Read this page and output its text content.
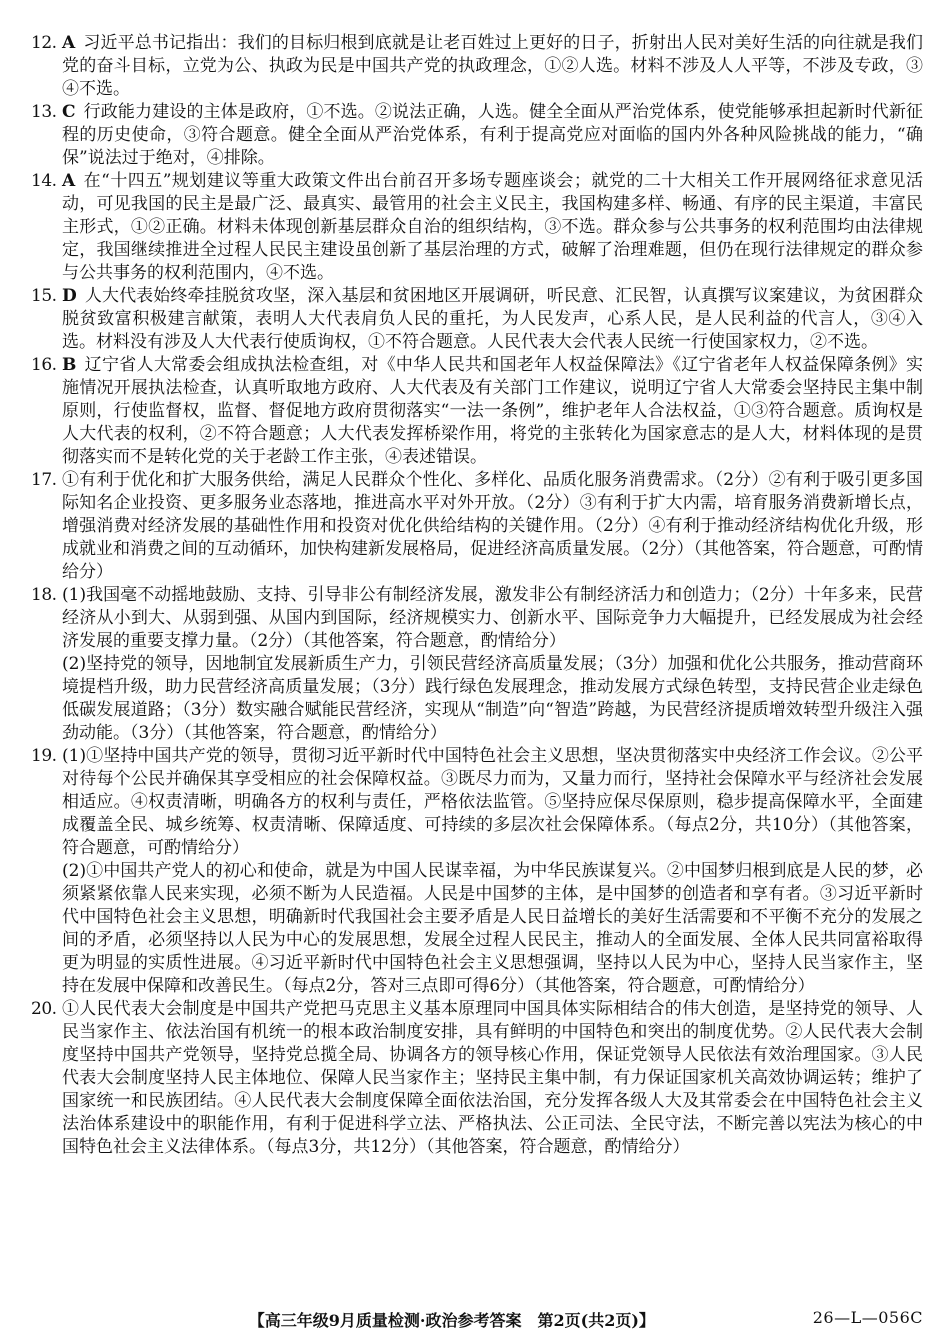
12. A 习近平总书记指出：我们的目标归根到底就是让老百姓过上更好的日子，折射出人民对美好生活的向往就是我们党的奋斗目标，立党为公、执政为民是中国共产党的执政理念，①②人选。材料不涉及人人平等，不涉及专政，③④不选。

13. C 行政能力建设的主体是政府，①不选。②说法正确，人选。健全全面从严治党体系，使党能够承担起新时代新征程的历史使命，③符合题意。健全全面从严治党体系，有利于提高党应对面临的国内外各种风险挑战的能力，“确保”说法过于绝对，④排除。

14. A 在“十四五”规划建议等重大政策文件出台前召开多场专题座谈会；就党的二十大相关工作开展网络征求意见活动，可见我国的民主是最广泛、最真实、最管用的社会主义民主，我国构建多样、畅通、有序的民主渠道，丰富民主形式，①②正确。材料未体现创新基层群众自治的组织结构，③不选。群众参与公共事务的权利范围均由法律规定，我国继续推进全过程人民民主建设虽创新了基层治理的方式，破解了治理难题，但仍在现行法律规定的群众参与公共事务的权利范围内，④不选。

15. D 人大代表始终牵挂脱贫攻坚，深入基层和贫困地区开展调研，听民意、汇民智，认真撰写议案建议，为贫困群众脱贫致富积极建言献策，表明人大代表肩负人民的重托，为人民发声，心系人民，是人民利益的代言人，③④入选。材料没有涉及人大代表行使质询权，①不符合题意。人民代表大会代表人民统一行使国家权力，②不选。

16. B 辽宁省人大常委会组成执法检查组，对《中华人民共和国老年人权益保障法》《辽宁省老年人权益保障条例》实施情况开展执法检查，认真听取地方政府、人大代表及有关部门工作建议，说明辽宁省人大常委会坚持民主集中制原则，行使监督权，监督、督促地方政府贯彻落实“一法一条例”，维护老年人合法权益，①③符合题意。质询权是人大代表的权利，②不符合题意；人大代表发挥桥梁作用，将党的主张转化为国家意志的是人大，材料体现的是贯彻落实而不是转化党的关于老龄工作主张，④表述错误。

17. ①有利于优化和扩大服务供给，满足人民群众个性化、多样化、品质化服务消费需求。（2分）②有利于吸引更多国际知名企业投资、更多服务业态落地，推进高水平对外开放。（2分）③有利于扩大内需，培育服务消费新增长点，增强消费对经济发展的基础性作用和投资对优化供给结构的关键作用。（2分）④有利于推动经济结构优化升级，形成就业和消费之间的互动循环，加快构建新发展格局，促进经济高质量发展。（2分）（其他答案，符合题意，可酌情给分）

18. (1)我国毫不动摇地鼓励、支持、引导非公有制经济发展，激发非公有制经济活力和创造力；（2分）十年多来，民营经济从小到大、从弱到强、从国内到国际，经济规模实力、创新水平、国际竞争力大幅提升，已经发展成为社会经济发展的重要支撑力量。（2分）（其他答案，符合题意，酌情给分）

(2)坚持党的领导，因地制宜发展新质生产力，引领民营经济高质量发展；（3分）加强和优化公共服务，推动营商环境提档升级，助力民营经济高质量发展；（3分）践行绿色发展理念，推动发展方式绿色转型，支持民营企业走绿色低碳发展道路；（3分）数实融合赋能民营经济，实现从“制造”向“智造”跨越，为民营经济提质增效转型升级注入强劲动能。（3分）（其他答案，符合题意，酌情给分）

19. (1)①坚持中国共产党的领导，贯彻习近平新时代中国特色社会主义思想，坚决贯彻落实中央经济工作会议。②公平对待每个公民并确保其享受相应的社会保障权益。③既尽力而为，又量力而行，坚持社会保障水平与经济社会发展相适应。④权责清晰，明确各方的权利与责任，严格依法监管。⑤坚持应保尽保原则，稳步提高保障水平，全面建成覆盖全民、城乡统筹、权责清晰、保障适度、可持续的多层次社会保障体系。（每点2分，共10分）（其他答案，符合题意，可酌情给分）

(2)①中国共产党人的初心和使命，就是为中国人民谋幸福，为中华民族谋复兴。②中国梦归根到底是人民的梦，必须紧紧依靠人民来实现，必须不断为人民造福。人民是中国梦的主体，是中国梦的创造者和享有者。③习近平新时代中国特色社会主义思想，明确新时代我国社会主要矛盾是人民日益增长的美好生活需要和不平衡不充分的发展之间的矛盾，必须坚持以人民为中心的发展思想，发展全过程人民民主，推动人的全面发展、全体人民共同富裕取得更为明显的实质性进展。④习近平新时代中国特色社会主义思想强调，坚持以人民为中心，坚持人民当家作主，坚持在发展中保障和改善民生。（每点2分，答对三点即可得6分）（其他答案，符合题意，可酌情给分）

20. ①人民代表大会制度是中国共产党把马克思主义基本原理同中国具体实际相结合的伟大创造，是坚持党的领导、人民当家作主、依法治国有机统一的根本政治制度安排，具有鲜明的中国特色和突出的制度优势。②人民代表大会制度坚持中国共产党领导，坚持党总揽全局、协调各方的领导核心作用，保证党领导人民依法有效治理国家。③人民代表大会制度坚持人民主体地位、保障人民当家作主；坚持民主集中制，有力保证国家机关高效协调运转；维护了国家统一和民族团结。④人民代表大会制度保障全面依法治国，充分发挥各级人大及其常委会在中国特色社会主义法治体系建设中的职能作用，有利于促进科学立法、严格执法、公正司法、全民守法，不断完善以宪法为核心的中国特色社会主义法律体系。（每点3分，共12分）（其他答案，符合题意，酌情给分）

【高三年级9月质量检测·政治参考答案　第2页(共2页)】	26—L—056C
